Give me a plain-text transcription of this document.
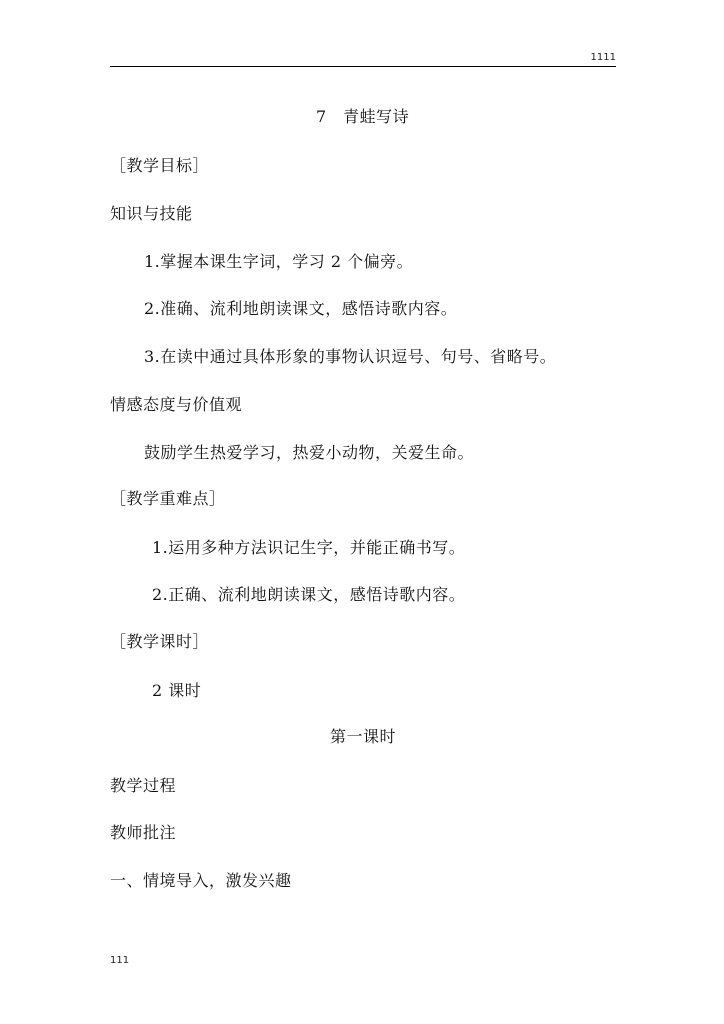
1111
7　青蛙写诗
［教学目标］
知识与技能
1.掌握本课生字词，学习 2 个偏旁。
2.准确、流利地朗读课文，感悟诗歌内容。
3.在读中通过具体形象的事物认识逗号、句号、省略号。
情感态度与价值观
鼓励学生热爱学习，热爱小动物，关爱生命。
［教学重难点］
1.运用多种方法识记生字，并能正确书写。
2.正确、流利地朗读课文，感悟诗歌内容。
［教学课时］
2 课时
第一课时
教学过程
教师批注
一、情境导入，激发兴趣
111
